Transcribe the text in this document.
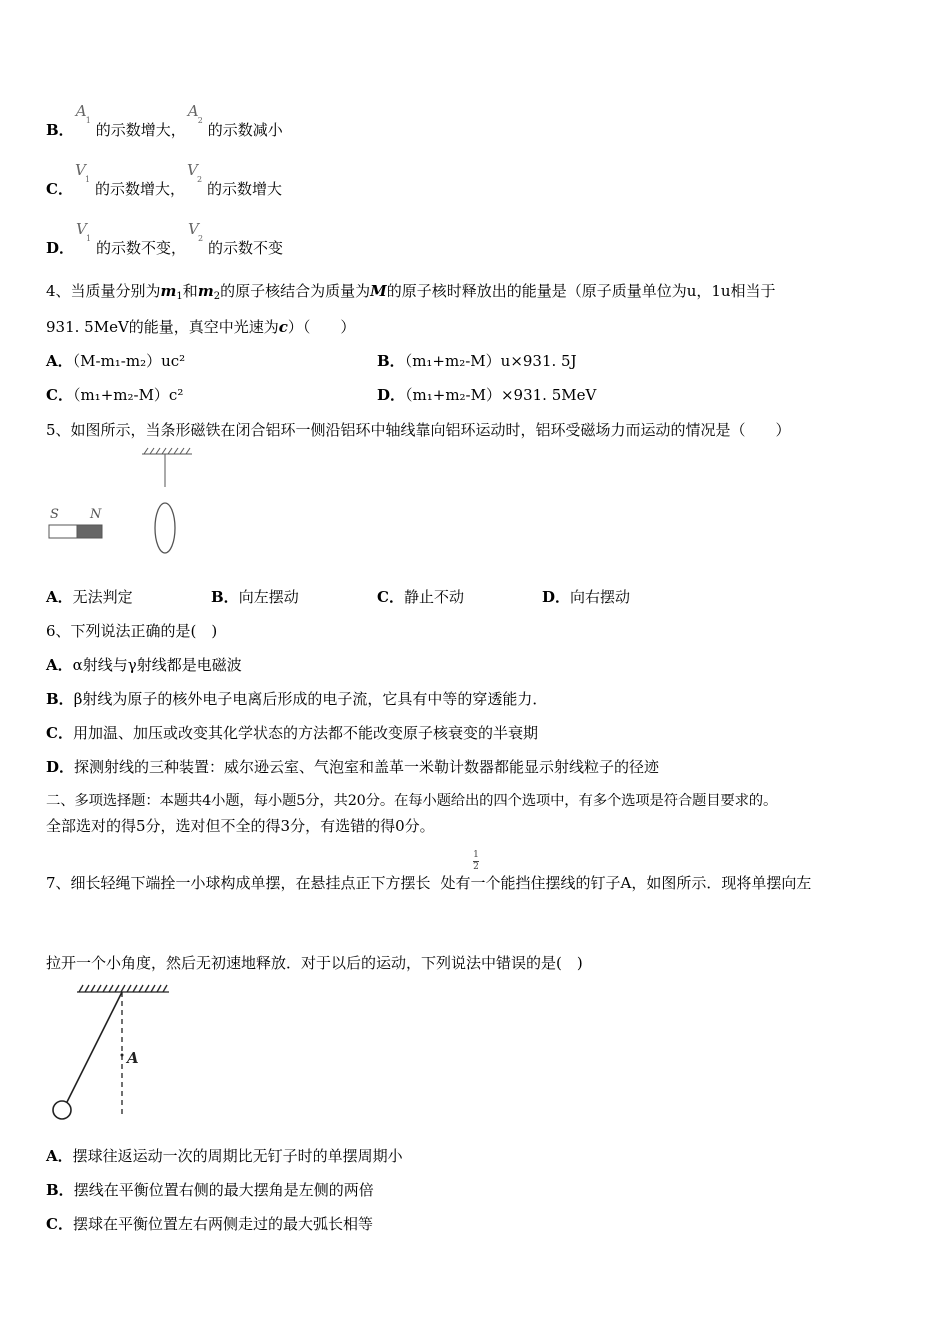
B．
A
1
的示数增大，
A
2
的示数减小
C．
V
1
的示数增大，
V
2
的示数增大
D．
V
1
的示数不变，
V
2
的示数不变
4、当质量分别为$m_1$和$m_2$的原子核结合为质量为M的原子核时释放出的能量是（原子质量单位为u，1u相当于
931. 5MeV的能量，真空中光速为c）（　　）
A．（M-m₁-m₂）uc²	B．（m₁+m₂-M）u×931. 5J
C．（m₁+m₂-M）c²	D．（m₁+m₂-M）×931. 5MeV
5、如图所示，当条形磁铁在闭合铝环一侧沿铝环中轴线靠向铝环运动时，铝环受磁场力而运动的情况是（　　）
S N
A．无法判定	B．向左摆动	C．静止不动	D．向右摆动
6、下列说法正确的是(　)
A．α射线与γ射线都是电磁波
B．β射线为原子的核外电子电离后形成的电子流，它具有中等的穿透能力．
C．用加温、加压或改变其化学状态的方法都不能改变原子核衰变的半衰期
D．探测射线的三种装置：威尔逊云室、气泡室和盖革一米勒计数器都能显示射线粒子的径迹
二、多项选择题：本题共4小题，每小题5分，共20分。在每小题给出的四个选项中，有多个选项是符合题目要求的。
全部选对的得5分，选对但不全的得3分，有选错的得0分。
7、细长轻绳下端拴一小球构成单摆，在悬挂点正下方摆长 处有一个能挡住摆线的钉子A，如图所示．现将单摆向左
1
2
拉开一个小角度，然后无初速地释放．对于以后的运动，下列说法中错误的是(　)
A
A．摆球往返运动一次的周期比无钉子时的单摆周期小
B．摆线在平衡位置右侧的最大摆角是左侧的两倍
C．摆球在平衡位置左右两侧走过的最大弧长相等
